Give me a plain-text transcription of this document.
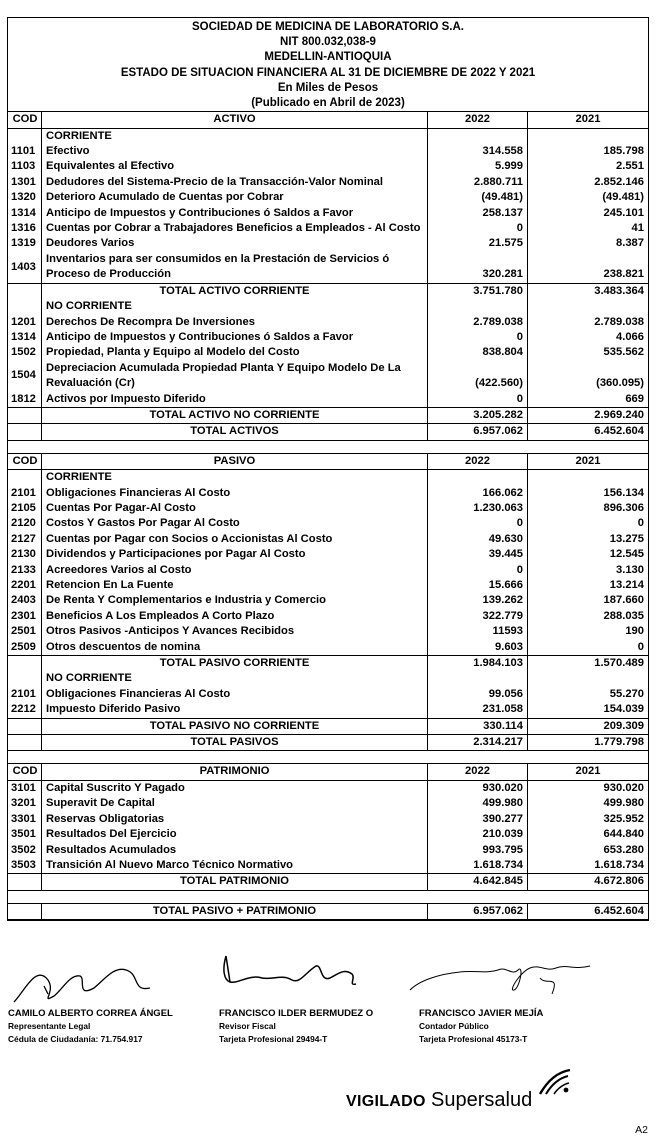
SOCIEDAD DE MEDICINA DE LABORATORIO S.A.
NIT 800.032,038-9
MEDELLIN-ANTIOQUIA
ESTADO DE SITUACION FINANCIERA AL 31 DE DICIEMBRE DE 2022 Y 2021
En Miles de Pesos
(Publicado en Abril de 2023)
COD	ACTIVO	2022	2021
	CORRIENTE		
1101	Efectivo	314.558	185.798
1103	Equivalentes al Efectivo	5.999	2.551
1301	Dedudores del Sistema-Precio de la Transacción-Valor Nominal	2.880.711	2.852.146
1320	Deterioro Acumulado de Cuentas por Cobrar	(49.481)	(49.481)
1314	Anticipo de Impuestos y Contribuciones ó Saldos a Favor	258.137	245.101
1316	Cuentas por Cobrar a Trabajadores Beneficios a Empleados - Al Costo	0	41
1319	Deudores Varios	21.575	8.387
1403	Inventarios para ser consumidos en la Prestación de Servicios ó Proceso de Producción	320.281	238.821
	TOTAL ACTIVO CORRIENTE	3.751.780	3.483.364
	NO CORRIENTE		
1201	Derechos De Recompra De Inversiones	2.789.038	2.789.038
1314	Anticipo de Impuestos y Contribuciones ó Saldos a Favor	0	4.066
1502	Propiedad, Planta y Equipo al Modelo del Costo	838.804	535.562
1504	Depreciacion Acumulada Propiedad Planta Y Equipo Modelo De La Revaluación (Cr)	(422.560)	(360.095)
1812	Activos por Impuesto Diferido	0	669
	TOTAL ACTIVO NO CORRIENTE	3.205.282	2.969.240
	TOTAL ACTIVOS	6.957.062	6.452.604

COD	PASIVO	2022	2021
	CORRIENTE		
2101	Obligaciones Financieras Al Costo	166.062	156.134
2105	Cuentas Por Pagar-Al Costo	1.230.063	896.306
2120	Costos Y Gastos Por Pagar Al Costo	0	0
2127	Cuentas por Pagar con Socios o Accionistas Al Costo	49.630	13.275
2130	Dividendos y Participaciones por Pagar Al Costo	39.445	12.545
2133	Acreedores Varios al Costo	0	3.130
2201	Retencion En La Fuente	15.666	13.214
2403	De Renta Y Complementarios e Industria y Comercio	139.262	187.660
2301	Beneficios A Los Empleados A Corto Plazo	322.779	288.035
2501	Otros Pasivos -Anticipos Y Avances Recibidos	11593	190
2509	Otros descuentos de nomina	9.603	0
	TOTAL PASIVO CORRIENTE	1.984.103	1.570.489
	NO CORRIENTE		
2101	Obligaciones Financieras Al Costo	99.056	55.270
2212	Impuesto Diferido Pasivo	231.058	154.039
	TOTAL PASIVO NO CORRIENTE	330.114	209.309
	TOTAL PASIVOS	2.314.217	1.779.798

COD	PATRIMONIO	2022	2021
3101	Capital Suscrito Y Pagado	930.020	930.020
3201	Superavit De Capital	499.980	499.980
3301	Reservas Obligatorias	390.277	325.952
3501	Resultados Del Ejercicio	210.039	644.840
3502	Resultados Acumulados	993.795	653.280
3503	Transición Al Nuevo Marco Técnico Normativo	1.618.734	1.618.734
	TOTAL PATRIMONIO	4.642.845	4.672.806

	TOTAL PASIVO + PATRIMONIO	6.957.062	6.452.604
CAMILO ALBERTO CORREA ÁNGEL
Representante Legal
Cédula de Ciudadanía: 71.754.917
FRANCISCO ILDER BERMUDEZ O
Revisor Fiscal
Tarjeta Profesional 29494-T
FRANCISCO JAVIER MEJÍA
Contador Público
Tarjeta Profesional 45173-T
VIGILADO Supersalud
A2
